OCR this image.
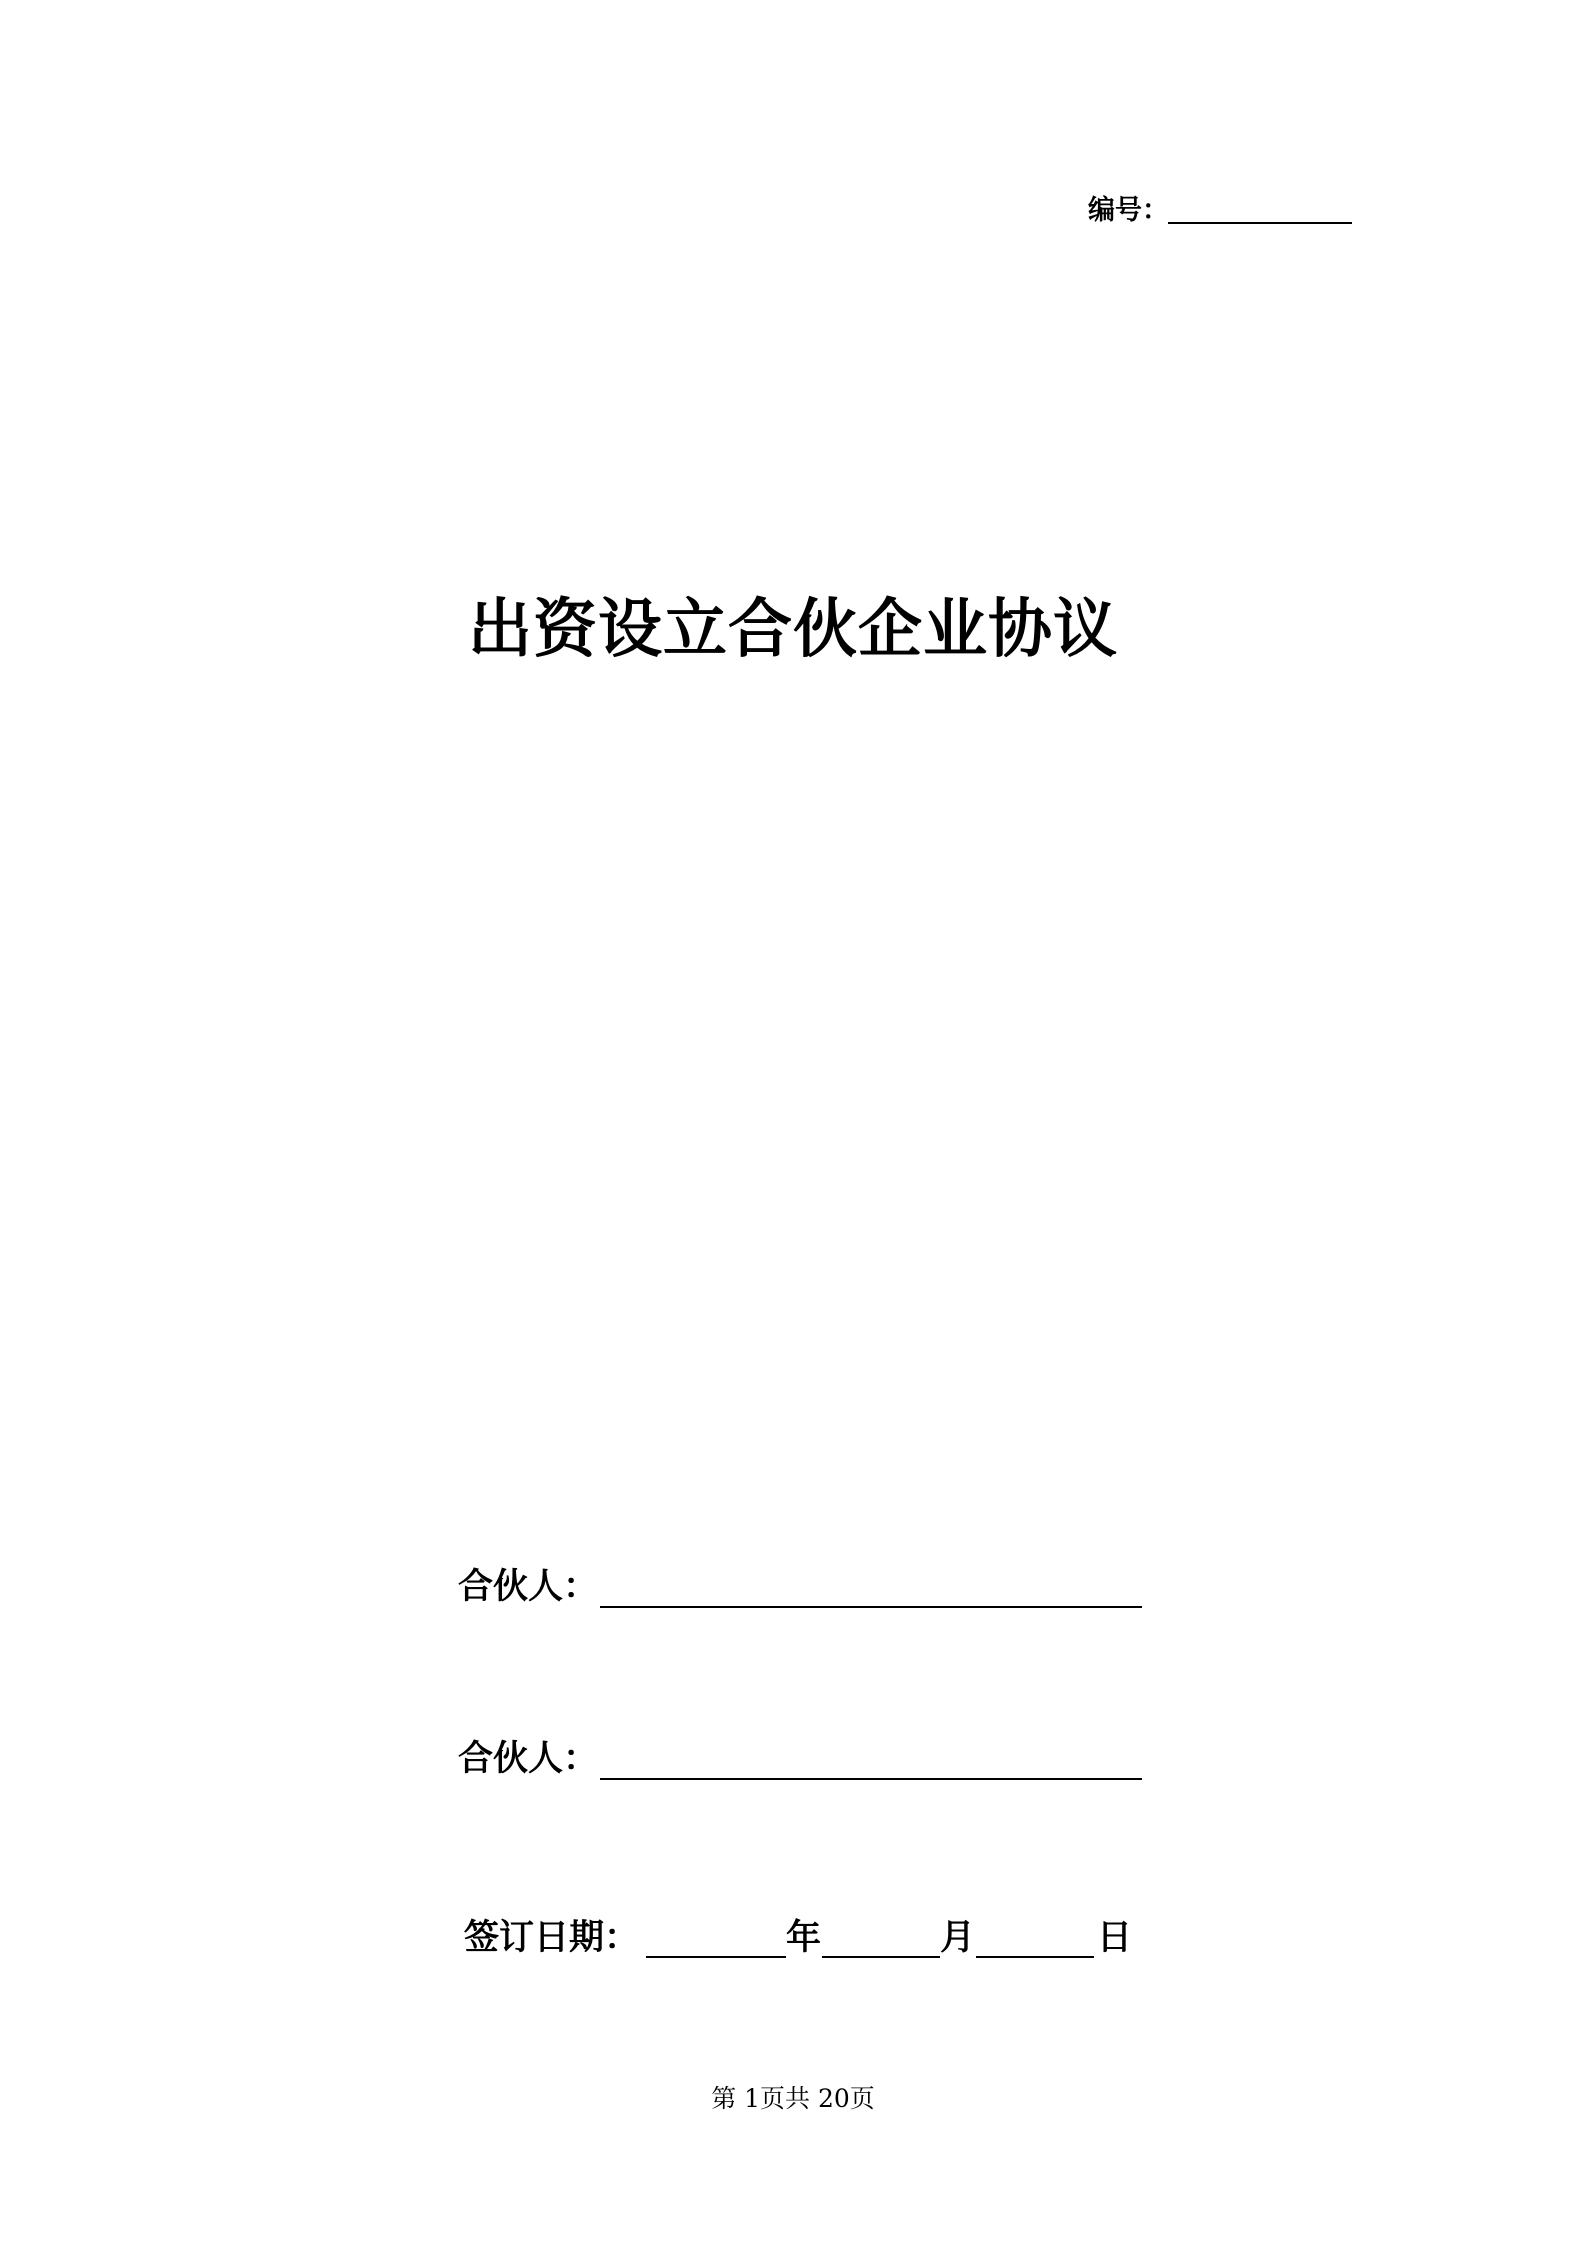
编号：
出资设立合伙企业协议
合伙人：
合伙人：
签订日期：	年	月	日
第 1页共 20页
